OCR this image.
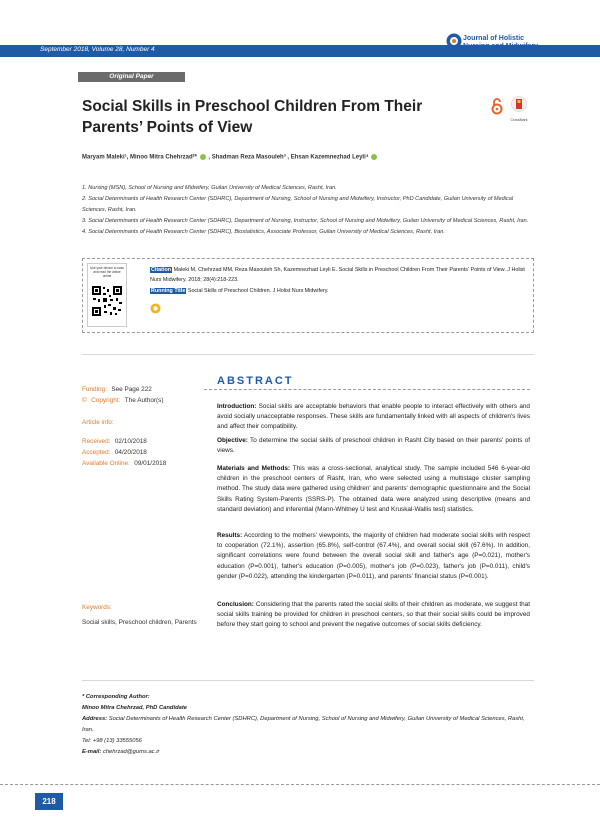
September 2018, Volume 28, Number 4
Journal of Holistic
Nursing and Midwifery
Original Paper
Social Skills in Preschool Children From Their Parents’ Points of View	CrossMark
Maryam Maleki¹, Minoo Mitra Chehrzad²* , Shadman Reza Masouleh³ , Ehsan Kazemnezhad Leyli⁴
1. Nursing (MSN), School of Nursing and Midwifery, Guilan University of Medical Sciences, Rasht, Iran.
2. Social Determinants of Health Research Center (SDHRC), Department of Nursing, School of Nursing and Midwifery, Instructor, PhD Candidate, Guilan University of Medical Sciences, Rasht, Iran.
3. Social Determinants of Health Research Center (SDHRC), Department of Nursing, Instructor, School of Nursing and Midwifery, Guilan University of Medical Sciences, Rasht, Iran.
4. Social Determinants of Health Research Center (SDHRC), Biostatistics, Associate Professor, Guilan University of Medical Sciences, Rasht, Iran.
Use your device to scan and read the article online
Citation Maleki M, Chehrzad MM, Reza Masouleh Sh, Kazemnezhad Leyli E. Social Skills in Preschool Children From Their Parents' Points of View. J Holist Nurs Midwifery. 2018; 28(4):218-223.
Running Title Social Skills of Preschool Children. J Holist Nurs Midwifery.
Funding: See Page 222
© Copyright: The Author(s)
Article info:
Received: 02/10/2018
Accepted: 04/20/2018
Available Online: 09/01/2018
Keywords:
Social skills, Preschool children, Parents
ABSTRACT
Introduction: Social skills are acceptable behaviors that enable people to interact effectively with others and avoid socially unacceptable responses. These skills are fundamentally linked with all aspects of children's lives and affect their compatibility.
Objective: To determine the social skills of preschool children in Rasht City based on their parents' points of views.
Materials and Methods: This was a cross-sectional, analytical study. The sample included 546 6-year-old children in the preschool centers of Rasht, Iran, who were selected using a multistage cluster sampling method. The study data were gathered using children' and parents' demographic questionnaire and the Social Skills Rating System-Parents (SSRS-P). The obtained data were analyzed using descriptive (means and standard deviation) and inferential (Mann-Whitney U test and Kruskal-Wallis test) statistics.
Results: According to the mothers' viewpoints, the majority of children had moderate social skills with respect to cooperation (72.1%), assertion (65.8%), self-control (67.4%), and overall social skill (67.6%). In addition, significant correlations were found between the overall social skill and father's age (P=0.021), mother's education (P=0.001), father's education (P=0.005), mother's job (P=0.023), father's job (P=0.011), child's gender (P=0.022), attending the kindergarten (P=0.011), and parents' financial status (P=0.001).
Conclusion: Considering that the parents rated the social skills of their children as moderate, we suggest that social skills training be provided for children in preschool centers, so that their social skills could be improved before they start going to school and prevent the negative outcomes of social skills deficiency.
* Corresponding Author:
Minoo Mitra Chehrzad, PhD Candidate
Address: Social Determinants of Health Research Center (SDHRC), Department of Nursing, School of Nursing and Midwifery, Guilan University of Medical Sciences, Rasht, Iran.
Tel: +98 (13) 33555056
E-mail: chehrzad@gums.ac.ir
218
